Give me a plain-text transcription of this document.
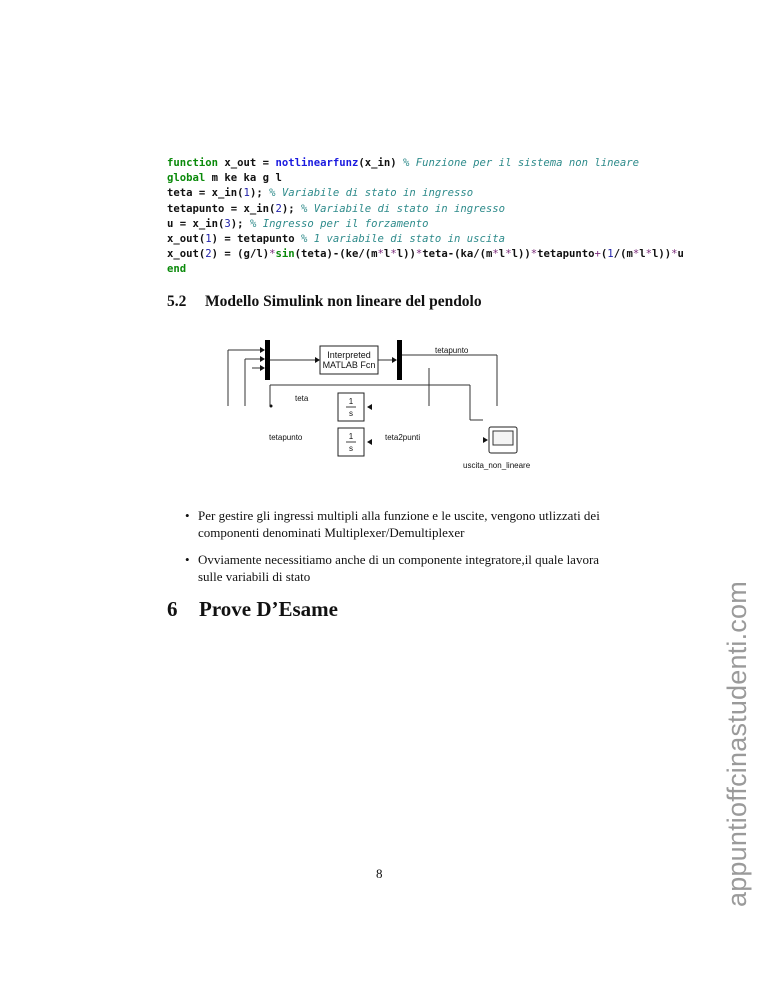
function x_out = notlinearfunz(x_in) % Funzione per il sistema non lineare
global m ke ka g l
teta = x_in(1); % Variabile di stato in ingresso
tetapunto = x_in(2); % Variabile di stato in ingresso
u = x_in(3); % Ingresso per il forzamento
x_out(1) = tetapunto % 1 variabile di stato in uscita
x_out(2) = (g/l)*sin(teta)-(ke/(m*l*l))*teta-(ka/(m*l*l))*tetapunto+(1/(m*l*l))*u
end
5.2 Modello Simulink non lineare del pendolo
Interpreted
MATLAB Fcn
tetapunto
teta	1
s
tetapunto	1
s
teta2punti
uscita_non_lineare
• Per gestire gli ingressi multipli alla funzione e le uscite, vengono utlizzati dei componenti denominati Multiplexer/Demultiplexer
• Ovviamente necessitiamo anche di un componente integratore,il quale lavora sulle variabili di stato
6 Prove D’Esame
8	appuntioffcinastudenti.com
